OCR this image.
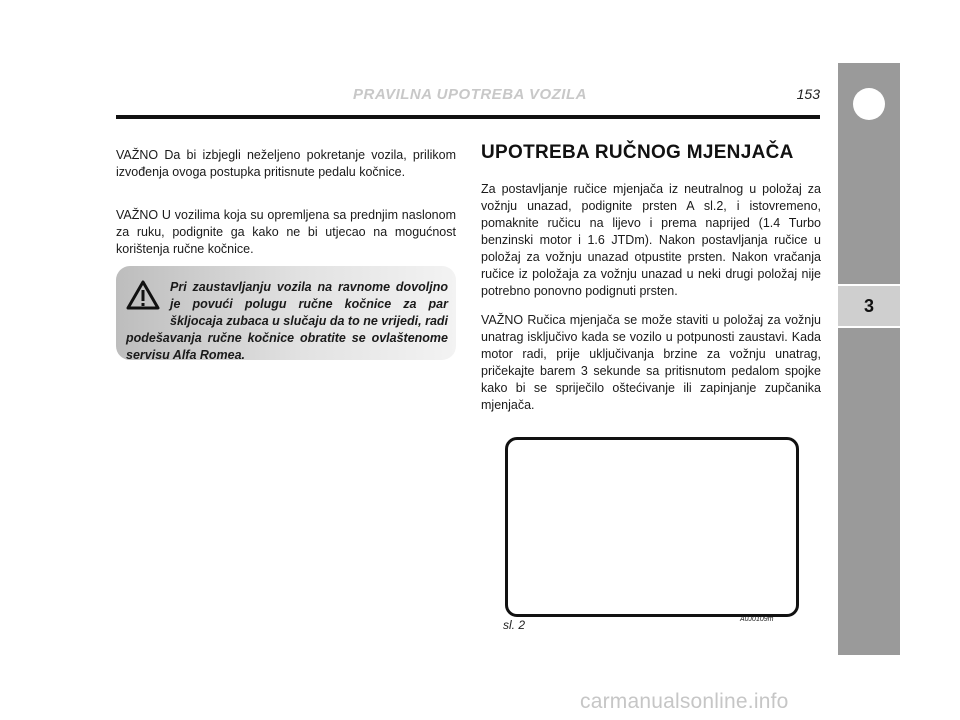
PRAVILNA UPOTREBA VOZILA	153
3

VAŽNO Da bi izbjegli neželjeno pokretanje vozila, prilikom izvođenja ovoga postupka pritisnute pedalu kočnice.

VAŽNO U vozilima koja su opremljena sa prednjim naslonom za ruku, podignite ga kako ne bi utjecao na mogućnost korištenja ručne kočnice.

Pri zaustavljanju vozila na ravnome dovoljno je povući polugu ručne kočnice za par škljocaja zubaca u slučaju da to ne vrijedi, radi podešavanja ručne kočnice obratite se ovlaštenome servisu Alfa Romea.
UPOTREBA RUČNOG MJENJAČA

Za postavljanje ručice mjenjača iz neutralnog u položaj za vožnju unazad, podignite prsten A sl.2, i istovremeno, pomaknite ručicu na lijevo i prema naprijed (1.4 Turbo benzinski motor i 1.6 JTDm). Nakon postavljanja ručice u položaj za vožnju unazad otpustite prsten. Nakon vračanja ručice iz položaja za vožnju unazad u neki drugi položaj nije potrebno ponovno podignuti prsten.

VAŽNO Ručica mjenjača se može staviti u položaj za vožnju unatrag isključivo kada se vozilo u potpunosti zaustavi. Kada motor radi, prije uključivanja brzine za vožnju unatrag, pričekajte barem 3 sekunde sa pritisnutom pedalom spojke kako bi se spriječilo oštećivanje ili zapinjanje zupčanika mjenjača.

sl. 2	A0J0109m
carmanualsonline.info
